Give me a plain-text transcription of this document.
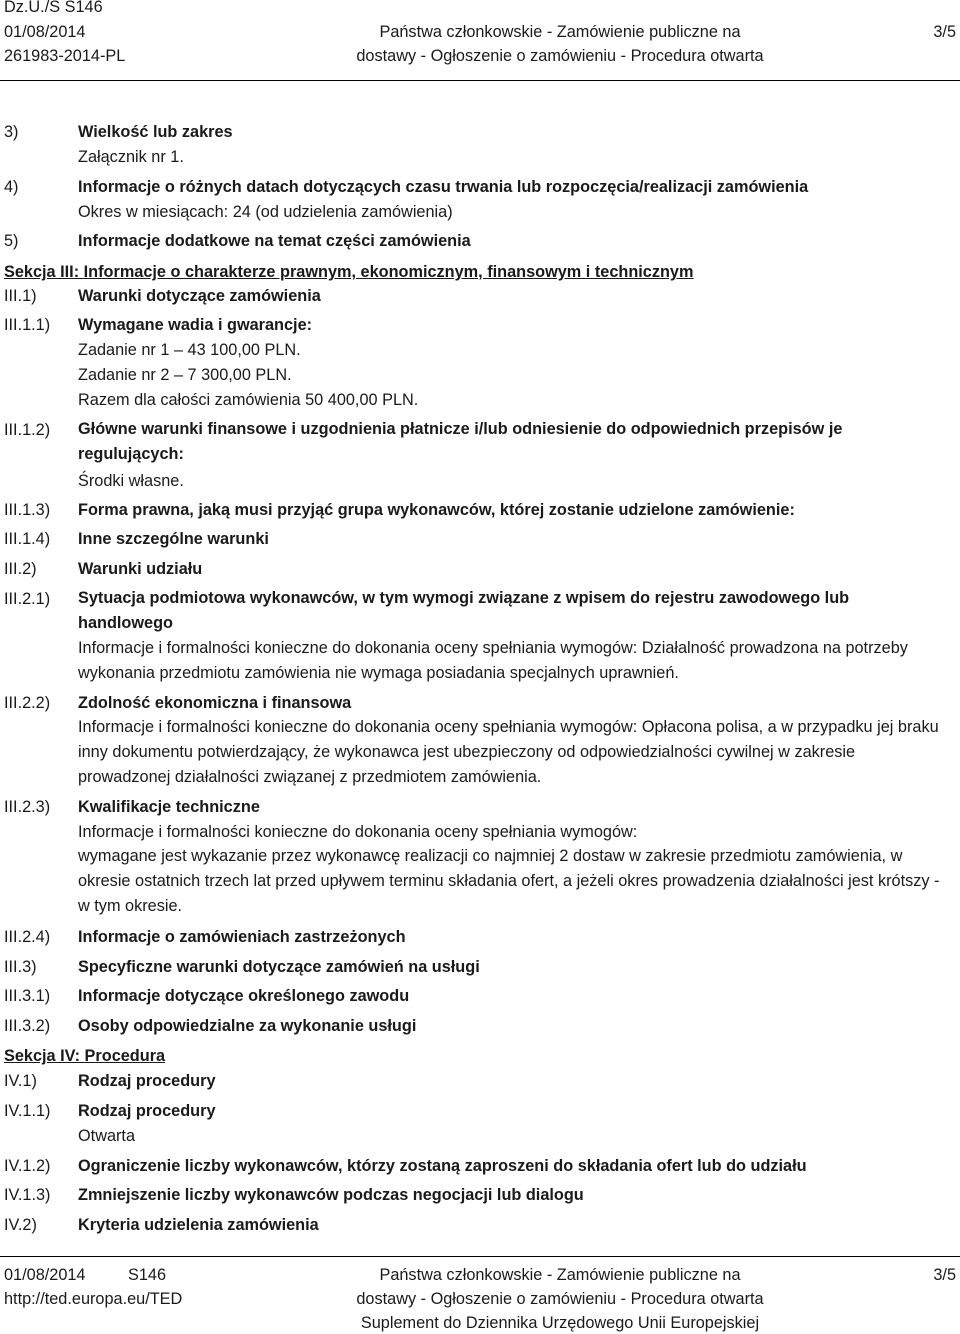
Dz.U./S S146
01/08/2014
261983-2014-PL
Państwa członkowskie - Zamówienie publiczne na
dostawy - Ogłoszenie o zamówieniu - Procedura otwarta
3/5
3)	Wielkość lub zakres
Załącznik nr 1.
4)	Informacje o różnych datach dotyczących czasu trwania lub rozpoczęcia/realizacji zamówienia
Okres w miesiącach: 24 (od udzielenia zamówienia)
5)	Informacje dodatkowe na temat części zamówienia
Sekcja III: Informacje o charakterze prawnym, ekonomicznym, finansowym i technicznym
III.1)	Warunki dotyczące zamówienia
III.1.1) Wymagane wadia i gwarancje:
Zadanie nr 1 – 43 100,00 PLN.
Zadanie nr 2 – 7 300,00 PLN.
Razem dla całości zamówienia 50 400,00 PLN.
III.1.2) Główne warunki finansowe i uzgodnienia płatnicze i/lub odniesienie do odpowiednich przepisów je regulujących:
Środki własne.
III.1.3) Forma prawna, jaką musi przyjąć grupa wykonawców, której zostanie udzielone zamówienie:
III.1.4) Inne szczególne warunki
III.2)	Warunki udziału
III.2.1) Sytuacja podmiotowa wykonawców, w tym wymogi związane z wpisem do rejestru zawodowego lub handlowego
Informacje i formalności konieczne do dokonania oceny spełniania wymogów: Działalność prowadzona na potrzeby wykonania przedmiotu zamówienia nie wymaga posiadania specjalnych uprawnień.
III.2.2) Zdolność ekonomiczna i finansowa
Informacje i formalności konieczne do dokonania oceny spełniania wymogów: Opłacona polisa, a w przypadku jej braku inny dokumentu potwierdzający, że wykonawca jest ubezpieczony od odpowiedzialności cywilnej w zakresie prowadzonej działalności związanej z przedmiotem zamówienia.
III.2.3) Kwalifikacje techniczne
Informacje i formalności konieczne do dokonania oceny spełniania wymogów:
wymagane jest wykazanie przez wykonawcę realizacji co najmniej 2 dostaw w zakresie przedmiotu zamówienia, w okresie ostatnich trzech lat przed upływem terminu składania ofert, a jeżeli okres prowadzenia działalności jest krótszy - w tym okresie.
III.2.4) Informacje o zamówieniach zastrzeżonych
III.3)	Specyficzne warunki dotyczące zamówień na usługi
III.3.1) Informacje dotyczące określonego zawodu
III.3.2) Osoby odpowiedzialne za wykonanie usługi
Sekcja IV: Procedura
IV.1)	Rodzaj procedury
IV.1.1) Rodzaj procedury
Otwarta
IV.1.2) Ograniczenie liczby wykonawców, którzy zostaną zaproszeni do składania ofert lub do udziału
IV.1.3) Zmniejszenie liczby wykonawców podczas negocjacji lub dialogu
IV.2)	Kryteria udzielenia zamówienia
01/08/2014	S146
http://ted.europa.eu/TED
Państwa członkowskie - Zamówienie publiczne na
dostawy - Ogłoszenie o zamówieniu - Procedura otwarta
Suplement do Dziennika Urzędowego Unii Europejskiej
3/5
